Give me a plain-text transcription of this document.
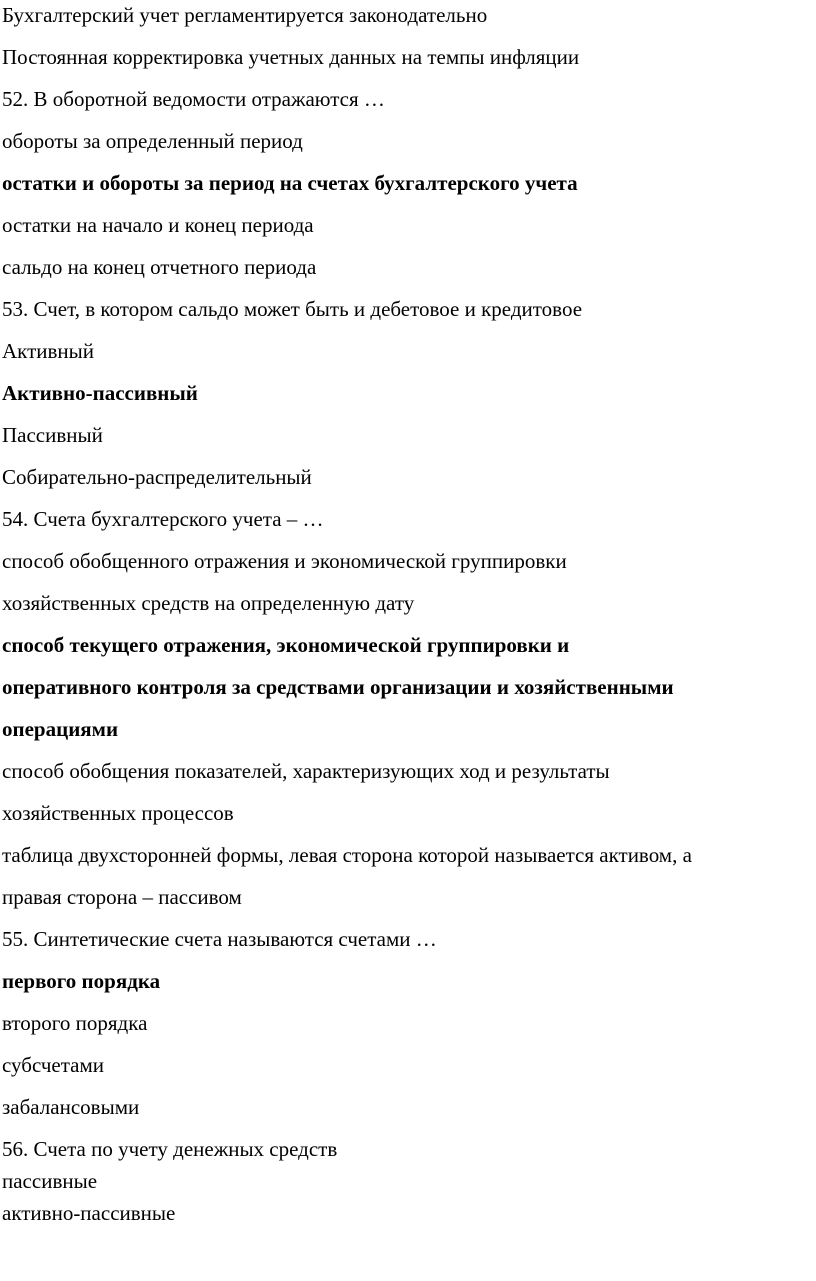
Бухгалтерский учет регламентируется законодательно

Постоянная корректировка учетных данных на темпы инфляции

52. В оборотной ведомости отражаются …

обороты за определенный период

остатки и обороты за период на счетах бухгалтерского учета

остатки на начало и конец периода

сальдо на конец отчетного периода

53. Счет, в котором сальдо может быть и дебетовое и кредитовое

Активный

Активно-пассивный

Пассивный

Собирательно-распределительный

54. Счета бухгалтерского учета – …

способ обобщенного отражения и экономической группировки

хозяйственных средств на определенную дату

способ текущего отражения, экономической группировки и

оперативного контроля за средствами организации и хозяйственными

операциями

способ обобщения показателей, характеризующих ход и результаты

хозяйственных процессов

таблица двухсторонней формы, левая сторона которой называется активом, а

правая сторона – пассивом

55. Синтетические счета называются счетами …

первого порядка

второго порядка

субсчетами

забалансовыми

56. Счета по учету денежных средств

пассивные

активно-пассивные
